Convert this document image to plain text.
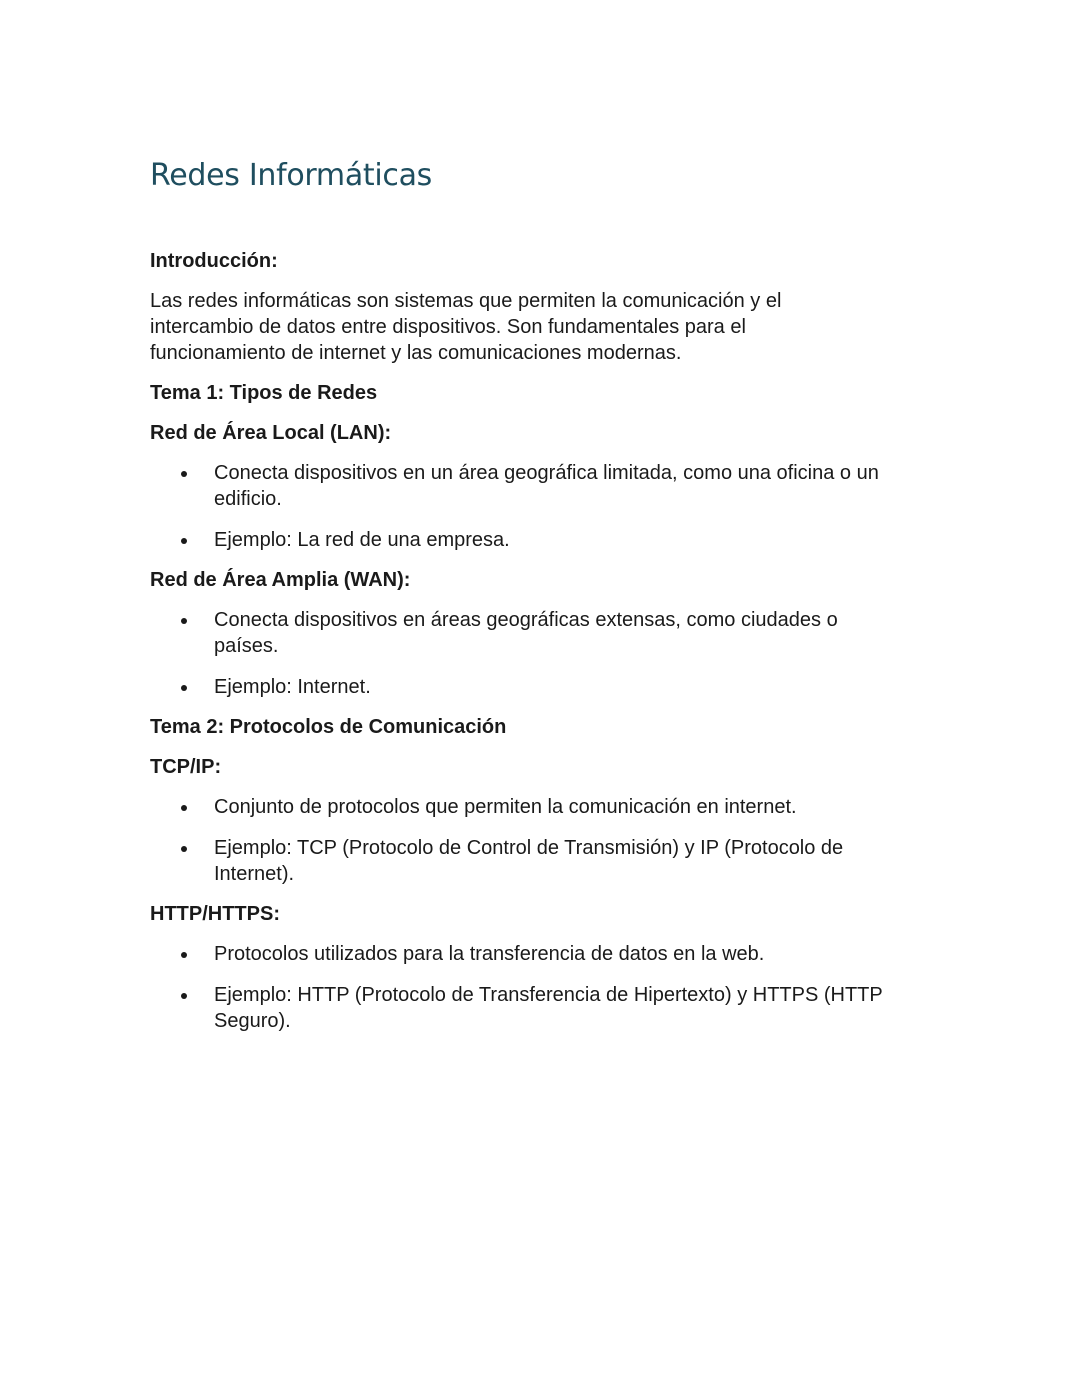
Redes Informáticas

Introducción:

Las redes informáticas son sistemas que permiten la comunicación y el intercambio de datos entre dispositivos. Son fundamentales para el funcionamiento de internet y las comunicaciones modernas.

Tema 1: Tipos de Redes

Red de Área Local (LAN):

Conecta dispositivos en un área geográfica limitada, como una oficina o un edificio.
Ejemplo: La red de una empresa.

Red de Área Amplia (WAN):

Conecta dispositivos en áreas geográficas extensas, como ciudades o países.
Ejemplo: Internet.

Tema 2: Protocolos de Comunicación

TCP/IP:

Conjunto de protocolos que permiten la comunicación en internet.
Ejemplo: TCP (Protocolo de Control de Transmisión) y IP (Protocolo de Internet).

HTTP/HTTPS:

Protocolos utilizados para la transferencia de datos en la web.
Ejemplo: HTTP (Protocolo de Transferencia de Hipertexto) y HTTPS (HTTP Seguro).
